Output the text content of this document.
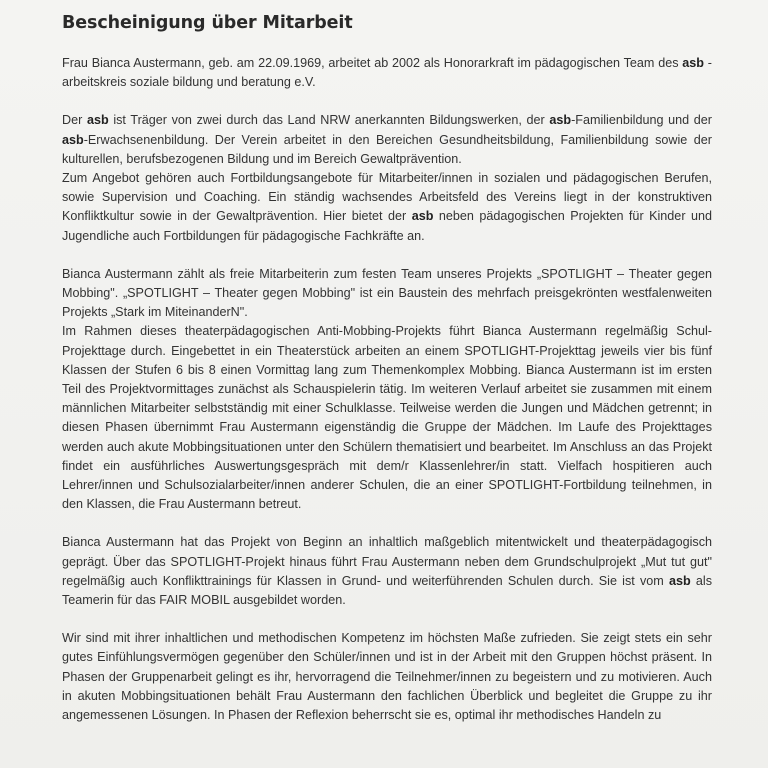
Bescheinigung über Mitarbeit

Frau Bianca Austermann, geb. am 22.09.1969, arbeitet ab 2002 als Honorarkraft im pädagogischen Team des asb - arbeitskreis soziale bildung und beratung e.V.

Der asb ist Träger von zwei durch das Land NRW anerkannten Bildungswerken, der asb-Familienbildung und der asb-Erwachsenenbildung. Der Verein arbeitet in den Bereichen Gesundheitsbildung, Familienbildung sowie der kulturellen, berufsbezogenen Bildung und im Bereich Gewaltprävention.

Zum Angebot gehören auch Fortbildungsangebote für Mitarbeiter/innen in sozialen und pädagogischen Berufen, sowie Supervision und Coaching. Ein ständig wachsendes Arbeitsfeld des Vereins liegt in der konstruktiven Konfliktkultur sowie in der Gewaltprävention. Hier bietet der asb neben pädagogischen Projekten für Kinder und Jugendliche auch Fortbildungen für pädagogische Fachkräfte an.

Bianca Austermann zählt als freie Mitarbeiterin zum festen Team unseres Projekts „SPOTLIGHT – Theater gegen Mobbing". „SPOTLIGHT – Theater gegen Mobbing" ist ein Baustein des mehrfach preisgekrönten westfalenweiten Projekts „Stark im MiteinanderN".

Im Rahmen dieses theaterpädagogischen Anti-Mobbing-Projekts führt Bianca Austermann regelmäßig Schul-Projekttage durch. Eingebettet in ein Theaterstück arbeiten an einem SPOTLIGHT-Projekttag jeweils vier bis fünf Klassen der Stufen 6 bis 8 einen Vormittag lang zum Themenkomplex Mobbing. Bianca Austermann ist im ersten Teil des Projektvormittages zunächst als Schauspielerin tätig. Im weiteren Verlauf arbeitet sie zusammen mit einem männlichen Mitarbeiter selbstständig mit einer Schulklasse. Teilweise werden die Jungen und Mädchen getrennt; in diesen Phasen übernimmt Frau Austermann eigenständig die Gruppe der Mädchen. Im Laufe des Projekttages werden auch akute Mobbingsituationen unter den Schülern thematisiert und bearbeitet. Im Anschluss an das Projekt findet ein ausführliches Auswertungsgespräch mit dem/r Klassenlehrer/in statt. Vielfach hospitieren auch Lehrer/innen und Schulsozialarbeiter/innen anderer Schulen, die an einer SPOTLIGHT-Fortbildung teilnehmen, in den Klassen, die Frau Austermann betreut.

Bianca Austermann hat das Projekt von Beginn an inhaltlich maßgeblich mitentwickelt und theaterpädagogisch geprägt. Über das SPOTLIGHT-Projekt hinaus führt Frau Austermann neben dem Grundschulprojekt „Mut tut gut" regelmäßig auch Konflikttrainings für Klassen in Grund- und weiterführenden Schulen durch. Sie ist vom asb als Teamerin für das FAIR MOBIL ausgebildet worden.

Wir sind mit ihrer inhaltlichen und methodischen Kompetenz im höchsten Maße zufrieden. Sie zeigt stets ein sehr gutes Einfühlungsvermögen gegenüber den Schüler/innen und ist in der Arbeit mit den Gruppen höchst präsent. In Phasen der Gruppenarbeit gelingt es ihr, hervorragend die Teilnehmer/innen zu begeistern und zu motivieren. Auch in akuten Mobbingsituationen behält Frau Austermann den fachlichen Überblick und begleitet die Gruppe zu ihr angemessenen Lösungen. In Phasen der Reflexion beherrscht sie es, optimal ihr methodisches Handeln zu
